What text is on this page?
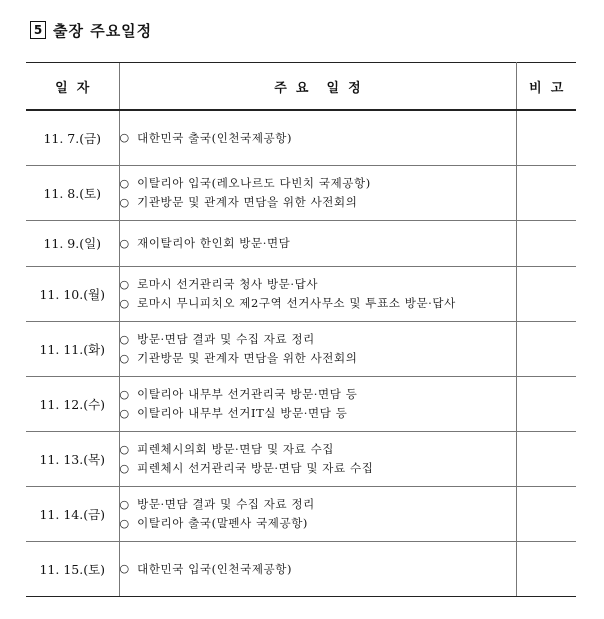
5 출장 주요일정
일  자	주  요    일  정	비  고
11. 7.(금)	○ 대한민국 출국(인천국제공항)	

11. 8.(토)	○ 이탈리아 입국(레오나르도 다빈치 국제공항)
○ 기관방문 및 관계자 면담을 위한 사전회의	

11. 9.(일)	○ 재이탈리아 한인회 방문·면담	

11. 10.(월)	○ 로마시 선거관리국 청사 방문·답사
○ 로마시 무니피치오 제2구역 선거사무소 및 투표소 방문·답사	

11. 11.(화)	○ 방문·면담 결과 및 수집 자료 정리
○ 기관방문 및 관계자 면담을 위한 사전회의	

11. 12.(수)	○ 이탈리아 내무부 선거관리국 방문·면담 등
○ 이탈리아 내무부 선거IT실 방문·면담 등	

11. 13.(목)	○ 피렌체시의회 방문·면담 및 자료 수집
○ 피렌체시 선거관리국 방문·면담 및 자료 수집	

11. 14.(금)	○ 방문·면담 결과 및 수집 자료 정리
○ 이탈리아 출국(말펜사 국제공항)	

11. 15.(토)	○ 대한민국 입국(인천국제공항)	
